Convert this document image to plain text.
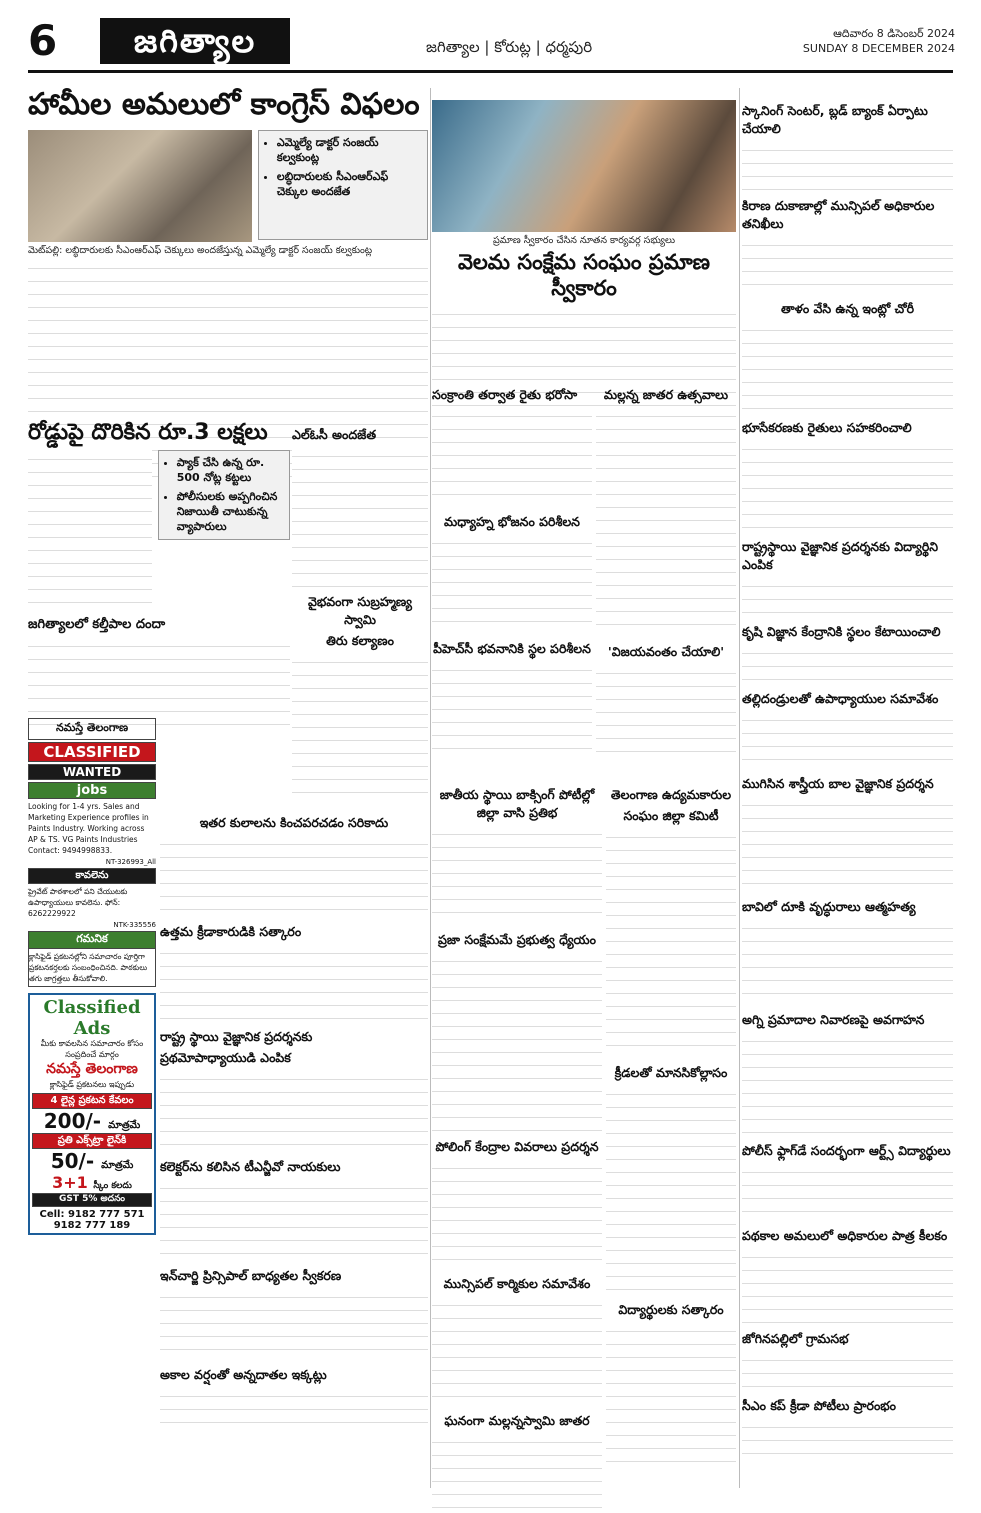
6	జగిత్యాల	జగిత్యాల | కోరుట్ల | ధర్మపురి
ఆదివారం 8 డిసెంబర్ 2024
SUNDAY 8 DECEMBER 2024
హామీల అమలులో కాంగ్రెస్ విఫలం
• ఎమ్మెల్యే డాక్టర్ సంజయ్ కల్వకుంట్ల
• లబ్ధిదారులకు సీఎంఆర్ఎఫ్ చెక్కుల అందజేత
మెట్‌పల్లి: లబ్ధిదారులకు సీఎంఆర్ఎఫ్ చెక్కులు అందజేస్తున్న ఎమ్మెల్యే డాక్టర్ సంజయ్ కల్వకుంట్ల
ప్రమాణ స్వీకారం చేసిన నూతన కార్యవర్గ సభ్యులు
వెలమ సంక్షేమ సంఘం ప్రమాణ స్వీకారం
రోడ్డుపై దొరికిన రూ.3 లక్షలు
• ప్యాక్ చేసి ఉన్న రూ. 500 నోట్ల కట్టలు
• పోలీసులకు అప్పగించిన నిజాయితీ చాటుకున్న వ్యాపారులు
జగిత్యాలలో కల్తీపాల దందా
నమస్తే తెలంగాణ
CLASSIFIED
WANTED
jobs
Looking for 1-4 yrs. Sales and Marketing Experience profiles in Paints Industry. Working across AP & TS. VG Paints Industries Contact: 9494998833.
NT-326993_All
కావలెను
ప్రైవేట్ పాఠశాలలో పని చేయుటకు ఉపాధ్యాయులు కావలెను. ఫోన్: 6262229922
NTK-335556
గమనిక
క్లాసిఫైడ్ ప్రకటనల్లోని సమాచారం పూర్తిగా ప్రకటనకర్తలకు సంబంధించినది. పాఠకులు తగు జాగ్రత్తలు తీసుకోవాలి.
Classified Ads
మీకు కావలసిన సమాచారం కోసం సంప్రదించే మార్గం
నమస్తే తెలంగాణ
క్లాసిఫైడ్ ప్రకటనలు ఇప్పుడు
4 లైన్ల ప్రకటన కేవలం
200/- మాత్రమే
ప్రతి ఎక్స్‌ట్రా లైన్‌కి
50/- మాత్రమే
3+1 స్కీం కలదు
GST 5% అదనం
Cell: 9182 777 571
9182 777 189
ఎల్ఓసీ అందజేత
వైభవంగా సుబ్రహ్మణ్య స్వామి
తిరు కల్యాణం
సంక్రాంతి తర్వాత రైతు భరోసా
మధ్యాహ్న భోజనం పరిశీలన
పీహెచ్‌సీ భవనానికి స్థల పరిశీలన
మల్లన్న జాతర ఉత్సవాలు
'విజయవంతం చేయాలి'
ఇతర కులాలను కించపరచడం సరికాదు
ఉత్తమ క్రీడాకారుడికి సత్కారం
రాష్ట్ర స్థాయి వైజ్ఞానిక ప్రదర్శనకు
ప్రథమోపాధ్యాయుడి ఎంపిక
కలెక్టర్‌ను కలిసిన టీఎన్జీవో నాయకులు
ఇన్‌చార్జి ప్రిన్సిపాల్ బాధ్యతల స్వీకరణ
అకాల వర్షంతో అన్నదాతల ఇక్కట్లు
జాతీయ స్థాయి బాక్సింగ్ పోటీల్లో జిల్లా వాసి ప్రతిభ
ప్రజా సంక్షేమమే ప్రభుత్వ ధ్యేయం
పోలింగ్ కేంద్రాల వివరాలు ప్రదర్శన
మున్సిపల్ కార్మికుల సమావేశం
ఘనంగా మల్లన్నస్వామి జాతర
తెలంగాణ ఉద్యమకారుల
సంఘం జిల్లా కమిటీ
క్రీడలతో మానసికోల్లాసం
విద్యార్థులకు సత్కారం
స్కానింగ్ సెంటర్, బ్లడ్ బ్యాంక్ ఏర్పాటు చేయాలి
కిరాణ దుకాణాల్లో మున్సిపల్ అధికారుల తనిఖీలు
తాళం వేసి ఉన్న ఇంట్లో చోరీ
భూసేకరణకు రైతులు సహకరించాలి
రాష్ట్రస్థాయి వైజ్ఞానిక ప్రదర్శనకు విద్యార్థిని ఎంపిక
కృషి విజ్ఞాన కేంద్రానికి స్థలం కేటాయించాలి
తల్లిదండ్రులతో ఉపాధ్యాయుల సమావేశం
ముగిసిన శాస్త్రీయ బాల వైజ్ఞానిక ప్రదర్శన
బావిలో దూకి వృద్ధురాలు ఆత్మహత్య
అగ్ని ప్రమాదాల నివారణపై అవగాహన
పోలీస్ ఫ్లాగ్‌డే సందర్భంగా ఆర్ట్స్ విద్యార్థులు
పథకాల అమలులో అధికారుల పాత్ర కీలకం
జోగినపల్లిలో గ్రామసభ
సీఎం కప్ క్రీడా పోటీలు ప్రారంభం
